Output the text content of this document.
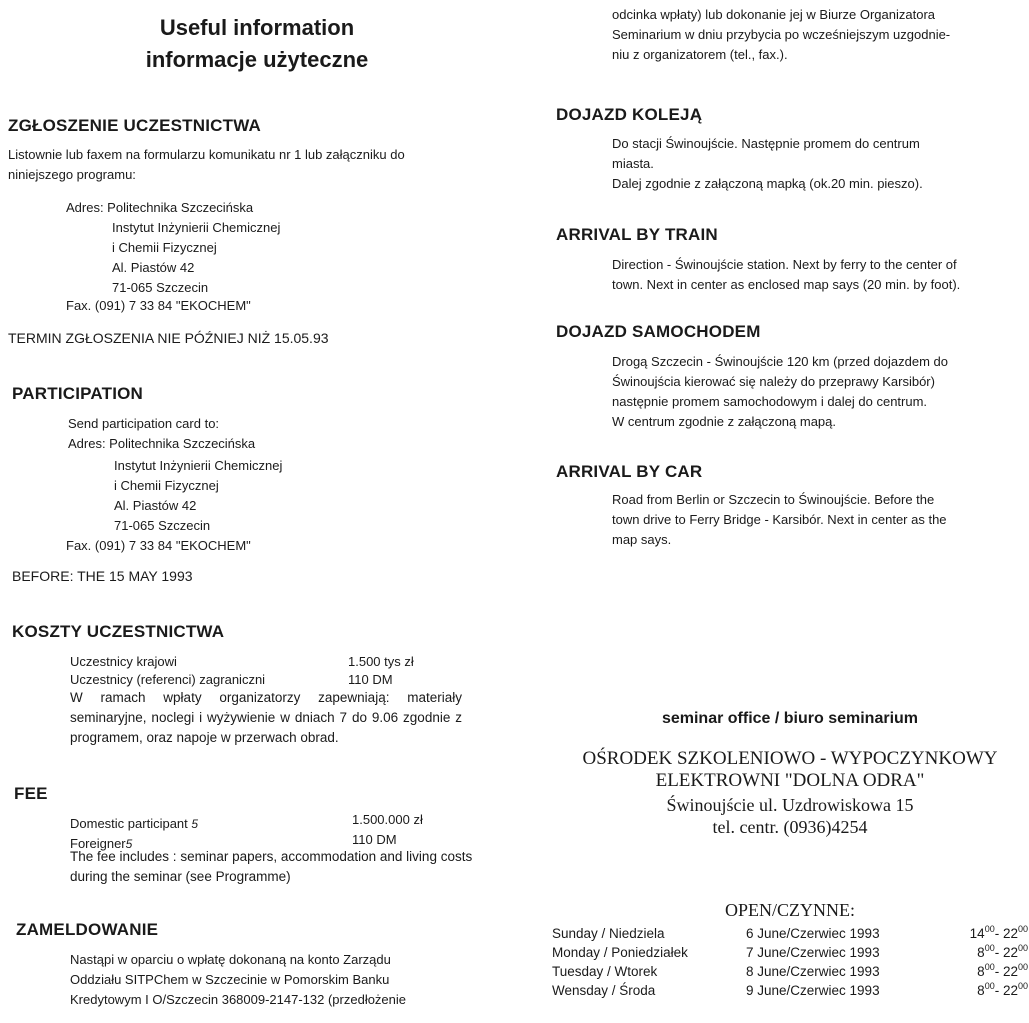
Useful information
informacje użyteczne
ZGŁOSZENIE UCZESTNICTWA
Listownie lub faxem na formularzu komunikatu nr 1 lub załączniku do
niniejszego programu:
Adres: Politechnika Szczecińska
Instytut Inżynierii Chemicznej
i Chemii Fizycznej
Al. Piastów 42
71-065 Szczecin
Fax. (091) 7 33 84 "EKOCHEM"
TERMIN ZGŁOSZENIA NIE PÓŹNIEJ NIŻ 15.05.93
PARTICIPATION
Send participation card to:
Adres: Politechnika Szczecińska
Instytut Inżynierii Chemicznej
i Chemii Fizycznej
Al. Piastów 42
71-065 Szczecin
Fax. (091) 7 33 84 "EKOCHEM"
BEFORE: THE 15 MAY 1993
KOSZTY UCZESTNICTWA
Uczestnicy krajowi	1.500 tys zł
Uczestnicy (referenci) zagraniczni	110 DM
W ramach wpłaty organizatorzy zapewniają: materiały seminaryjne, noclegi i wyżywienie w dniach 7 do 9.06 zgodnie z programem, oraz napoje w przerwach obrad.
FEE
Domestic participant 5	1.500.000 zł
Foreigner5	110 DM
The fee includes : seminar papers, accommodation and living costs during the seminar (see Programme)
ZAMELDOWANIE
Nastąpi w oparciu o wpłatę dokonaną na konto Zarządu
Oddziału SITPChem w Szczecinie w Pomorskim Banku
Kredytowym I O/Szczecin 368009-2147-132 (przedłożenie
odcinka wpłaty) lub dokonanie jej w Biurze Organizatora
Seminarium w dniu przybycia po wcześniejszym uzgodnie-
niu z organizatorem (tel., fax.).
DOJAZD KOLEJĄ
Do stacji Świnoujście. Następnie promem do centrum
miasta.
Dalej zgodnie z załączoną mapką (ok.20 min. pieszo).
ARRIVAL BY TRAIN
Direction - Świnoujście station. Next by ferry to the center of
town. Next in center as enclosed map says (20 min. by foot).
DOJAZD SAMOCHODEM
Drogą Szczecin - Świnoujście 120 km (przed dojazdem do
Świnoujścia kierować się należy do przeprawy Karsibór)
następnie promem samochodowym i dalej do centrum.
W centrum zgodnie z załączoną mapą.
ARRIVAL BY CAR
Road from Berlin or Szczecin to Świnoujście. Before the
town drive to Ferry Bridge - Karsibór. Next in center as the
map says.
seminar office / biuro seminarium
OŚRODEK SZKOLENIOWO - WYPOCZYNKOWY
ELEKTROWNI "DOLNA ODRA"
Świnoujście ul. Uzdrowiskowa 15
tel. centr. (0936)4254
OPEN/CZYNNE:
Sunday / Niedziela	6 June/Czerwiec 1993	$14^{00}-$ $22^{00}$
Monday / Poniedziałek	7 June/Czerwiec 1993	$8^{00}-$ $22^{00}$
Tuesday / Wtorek	8 June/Czerwiec 1993	$8^{00}-$ $22^{00}$
Wensday / Środa	9 June/Czerwiec 1993	$8^{00}-$ $22^{00}$
